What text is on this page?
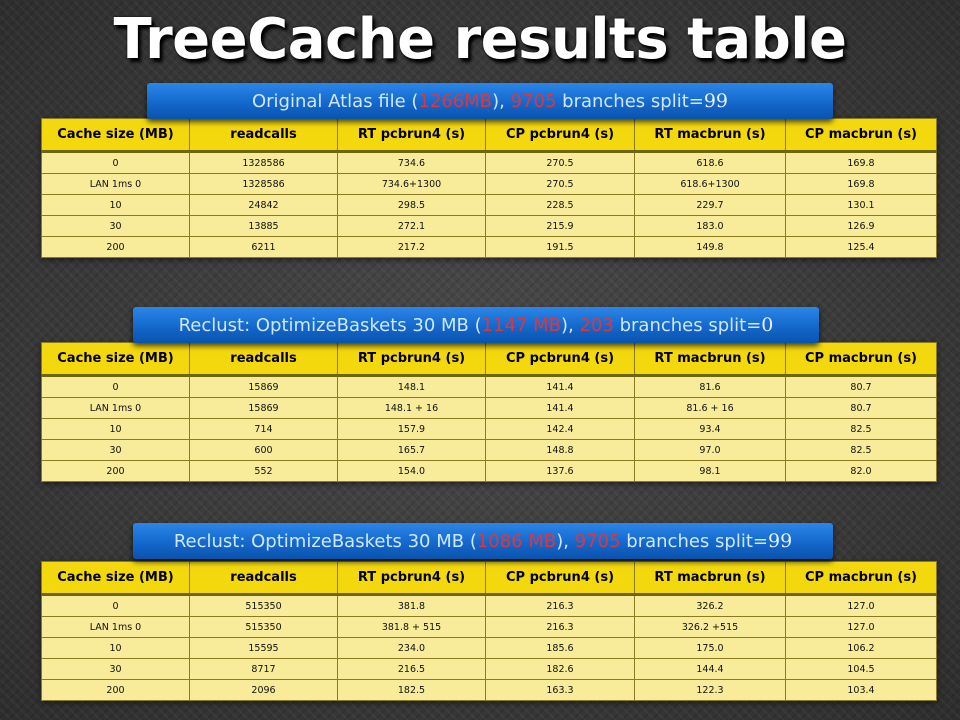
TreeCache results table
Original Atlas file (1266MB), 9705 branches split=99
Cache size (MB)	readcalls	RT pcbrun4 (s)	CP pcbrun4 (s)	RT macbrun (s)	CP macbrun (s)
0	1328586	734.6	270.5	618.6	169.8
LAN 1ms 0	1328586	734.6+1300	270.5	618.6+1300	169.8
10	24842	298.5	228.5	229.7	130.1
30	13885	272.1	215.9	183.0	126.9
200	6211	217.2	191.5	149.8	125.4
Reclust: OptimizeBaskets 30 MB (1147 MB), 203 branches split=0
Cache size (MB)	readcalls	RT pcbrun4 (s)	CP pcbrun4 (s)	RT macbrun (s)	CP macbrun (s)
0	15869	148.1	141.4	81.6	80.7
LAN 1ms 0	15869	148.1 + 16	141.4	81.6 + 16	80.7
10	714	157.9	142.4	93.4	82.5
30	600	165.7	148.8	97.0	82.5
200	552	154.0	137.6	98.1	82.0
Reclust: OptimizeBaskets 30 MB (1086 MB), 9705 branches split=99
Cache size (MB)	readcalls	RT pcbrun4 (s)	CP pcbrun4 (s)	RT macbrun (s)	CP macbrun (s)
0	515350	381.8	216.3	326.2	127.0
LAN 1ms 0	515350	381.8 + 515	216.3	326.2 +515	127.0
10	15595	234.0	185.6	175.0	106.2
30	8717	216.5	182.6	144.4	104.5
200	2096	182.5	163.3	122.3	103.4
